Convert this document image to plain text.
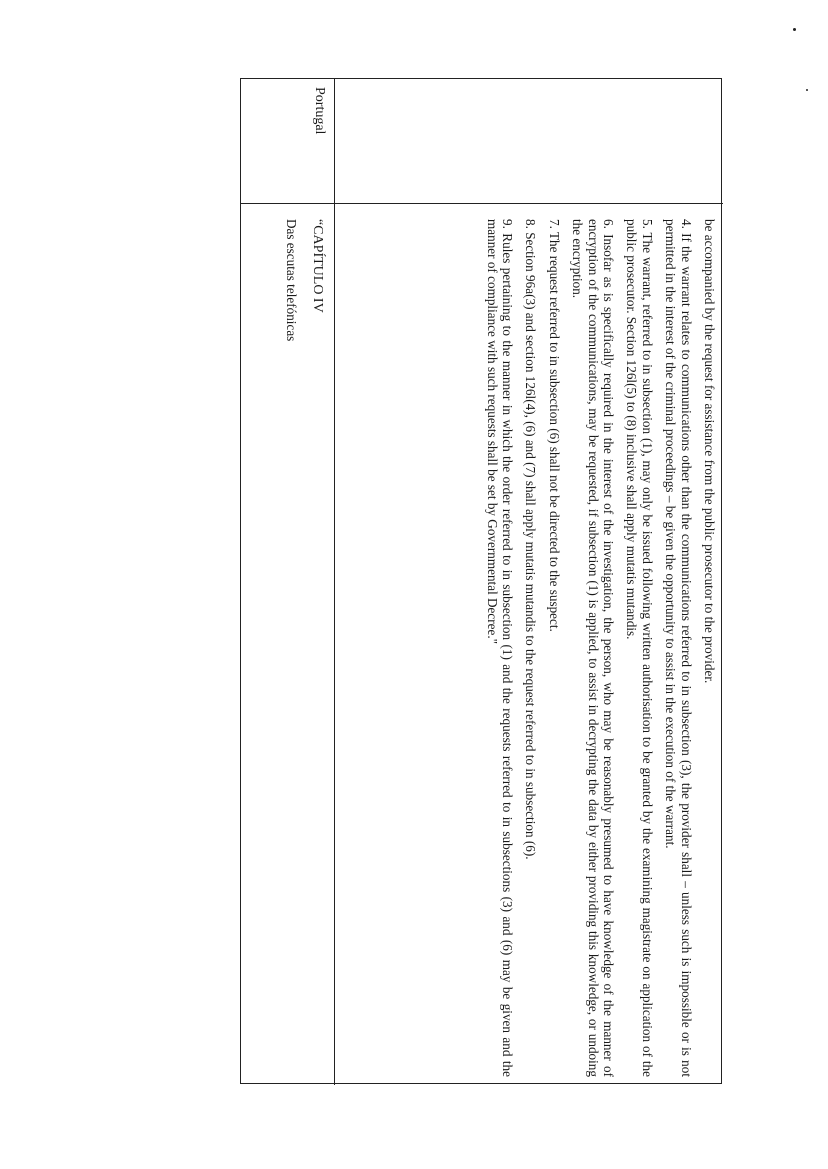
be accompanied by the request for assistance from the public prosecutor to the provider.

4. If the warrant relates to communications other than the communications referred to in subsection (3), the provider shall – unless such is impossible or is not permitted in the interest of the criminal proceedings – be given the opportunity to assist in the execution of the warrant.

5. The warrant, referred to in subsection (1), may only be issued following written authorisation to be granted by the examining magistrate on application of the public prosecutor. Section 126l(5) to (8) inclusive shall apply mutatis mutandis.

6. Insofar as is specifically required in the interest of the investigation, the person, who may be reasonably presumed to have knowledge of the manner of encryption of the communications, may be requested, if subsection (1) is applied, to assist in decrypting the data by either providing this knowledge, or undoing the encryption.

7. The request referred to in subsection (6) shall not be directed to the suspect.

8. Section 96a(3) and section 126l(4), (6) and (7) shall apply mutatis mutandis to the request referred to in subsection (6).

9. Rules pertaining to the manner in which the order referred to in subsection (1) and the requests referred to in subsections (3) and (6) may be given and the manner of compliance with such requests shall be set by Governmental Decree."

Portugal

“CAPÍTULO IV

Das escutas telefónicas
